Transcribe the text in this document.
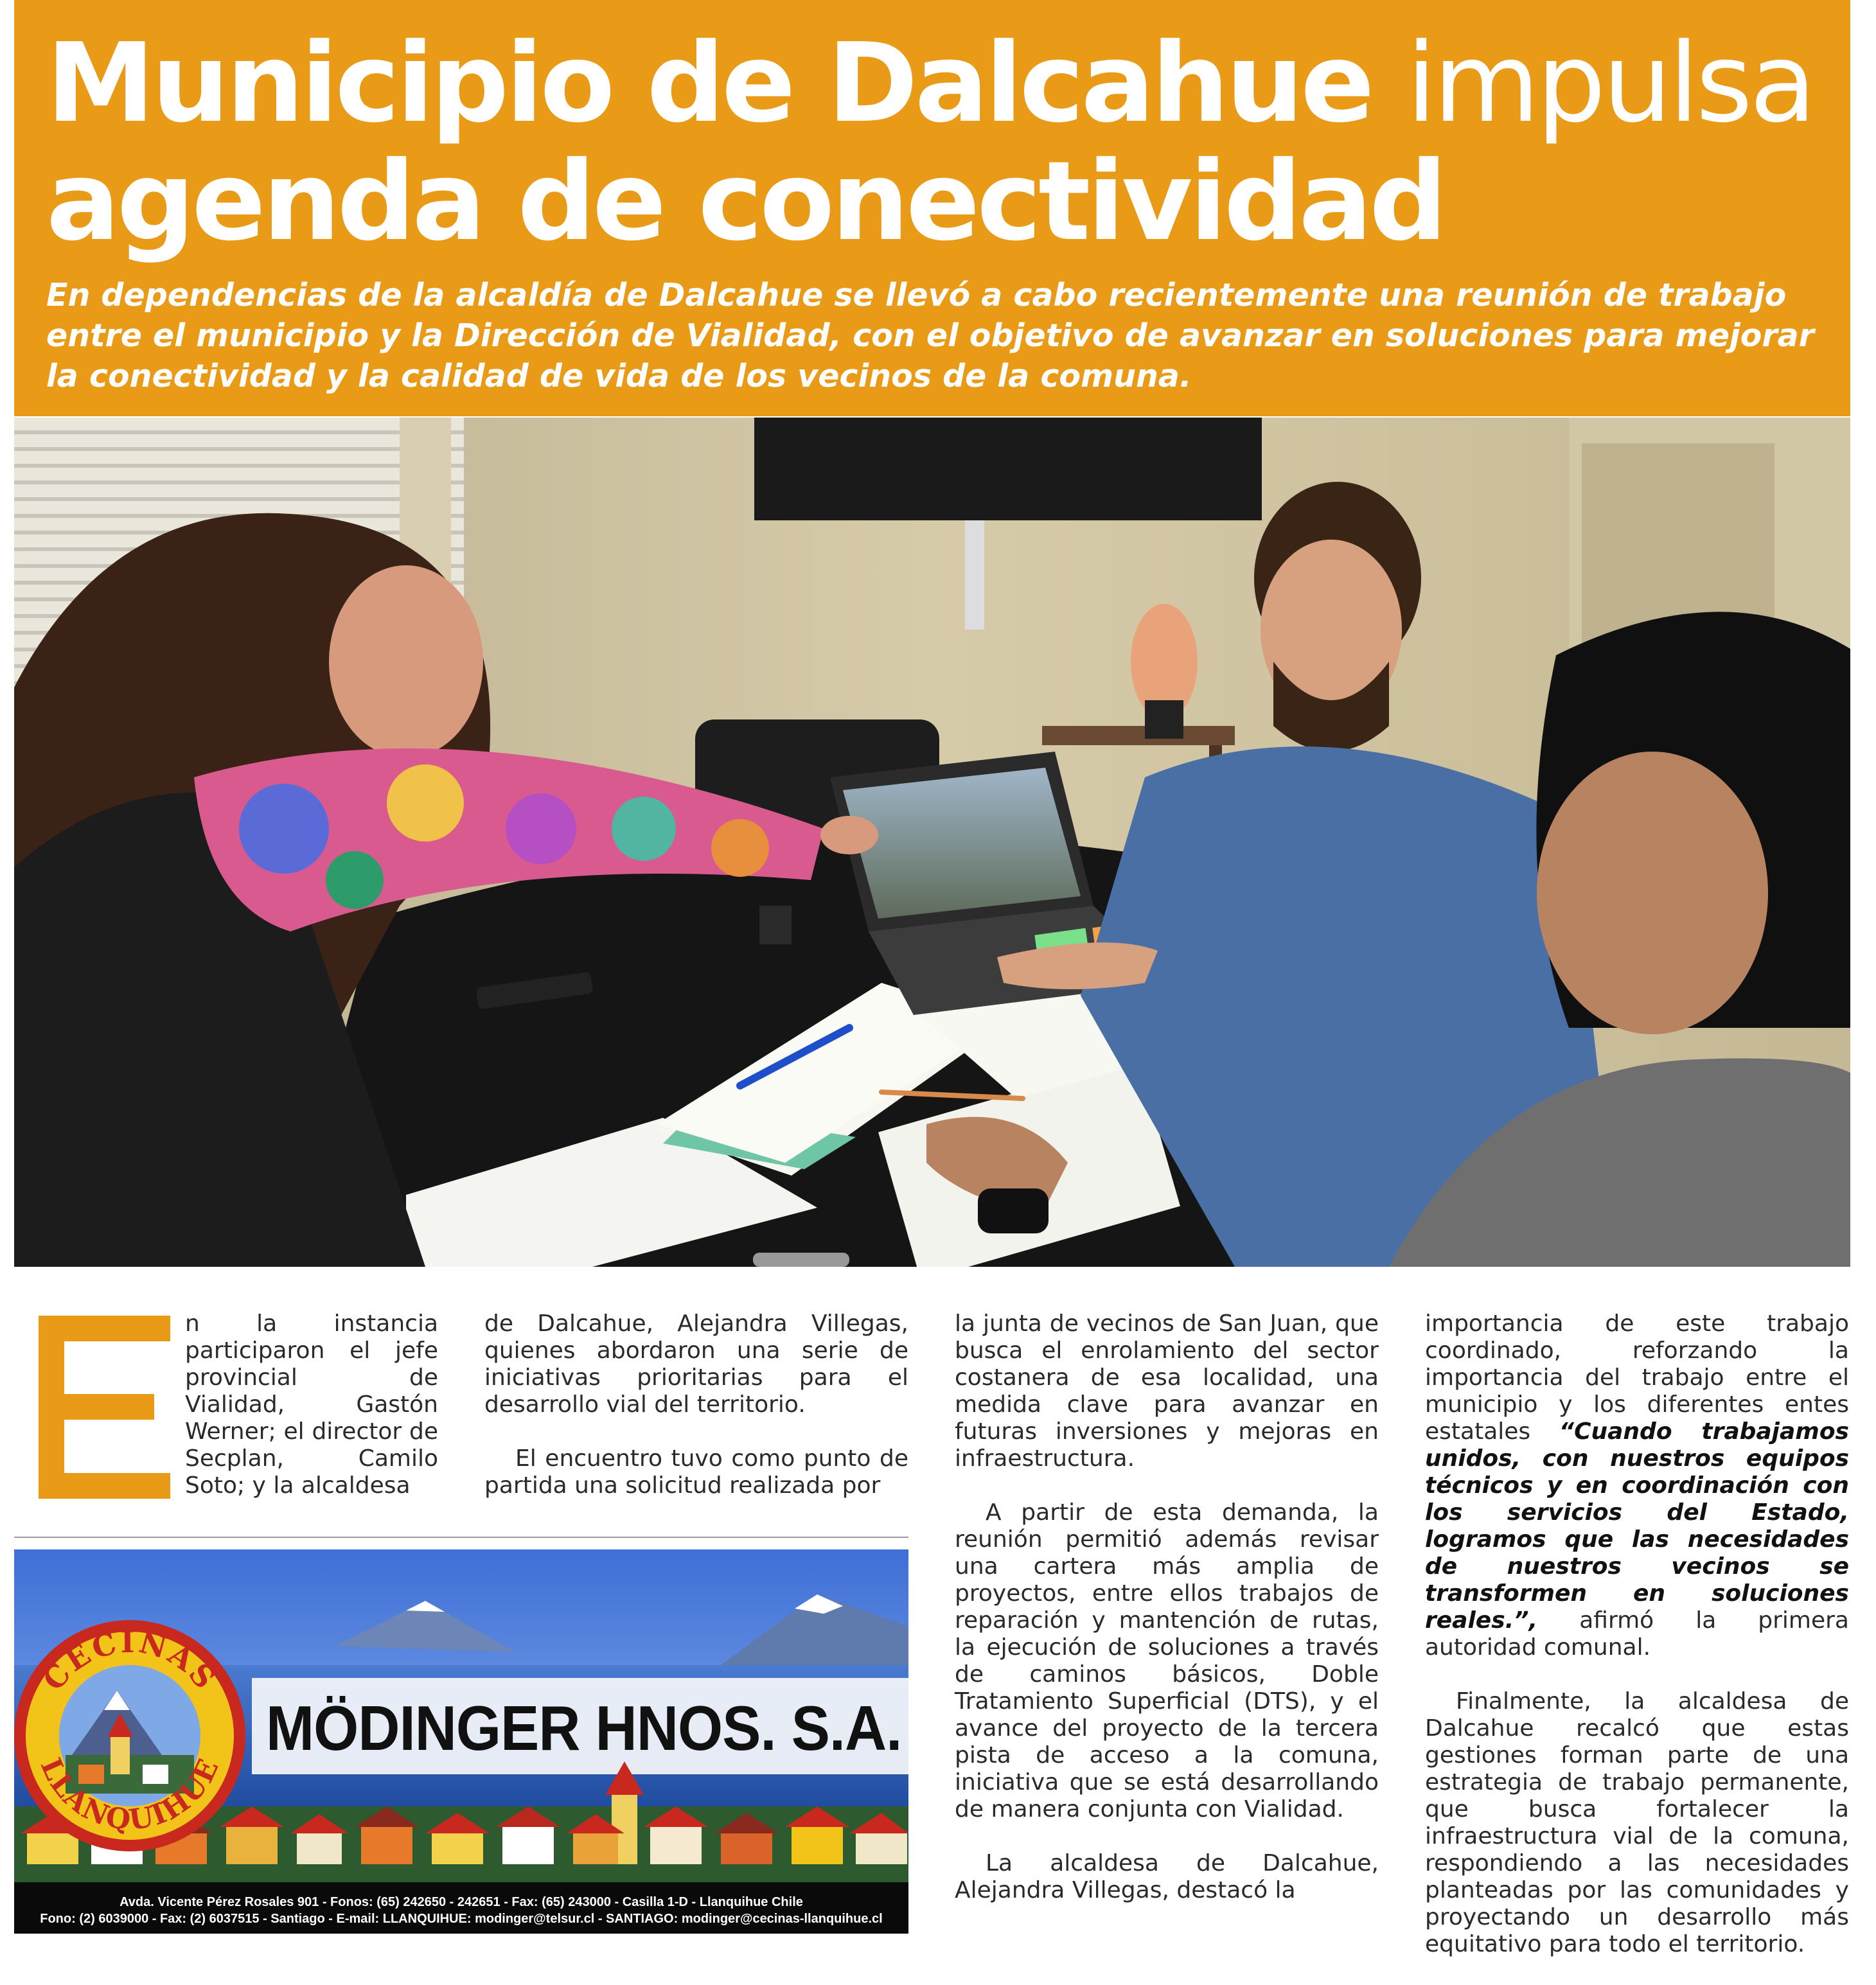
Municipio de Dalcahue impulsa
agenda de conectividad

En dependencias de la alcaldía de Dalcahue se llevó a cabo recientemente una reunión de trabajo entre el municipio y la Dirección de Vialidad, con el objetivo de avanzar en soluciones para mejorar la conectividad y la calidad de vida de los vecinos de la comuna.

n la instancia participaron el jefe provincial de Vialidad, Gastón Werner; el director de Secplan, Camilo Soto; y la alcaldesa

de Dalcahue, Alejandra Villegas, quienes abordaron una serie de iniciativas prioritarias para el desarrollo vial del territorio.

El encuentro tuvo como punto de partida una solicitud realizada por

la junta de vecinos de San Juan, que busca el enrolamiento del sector costanera de esa localidad, una medida clave para avanzar en futuras inversiones y mejoras en infraestructura.

A partir de esta demanda, la reunión permitió además revisar una cartera más amplia de proyectos, entre ellos trabajos de reparación y mantención de rutas, la ejecución de soluciones a través de caminos básicos, Doble Tratamiento Superficial (DTS), y el avance del proyecto de la tercera pista de acceso a la comuna, iniciativa que se está desarrollando de manera conjunta con Vialidad.

La alcaldesa de Dalcahue, Alejandra Villegas, destacó la

importancia de este trabajo coordinado, reforzando la importancia del trabajo entre el municipio y los diferentes entes estatales “Cuando trabajamos unidos, con nuestros equipos técnicos y en coordinación con los servicios del Estado, logramos que las necesidades de nuestros vecinos se transformen en soluciones reales.”, afirmó la primera autoridad comunal.

Finalmente, la alcaldesa de Dalcahue recalcó que estas gestiones forman parte de una estrategia de trabajo permanente, que busca fortalecer la infraestructura vial de la comuna, respondiendo a las necesidades planteadas por las comunidades y proyectando un desarrollo más equitativo para todo el territorio.

CECINAS
LLANQUIHUE
MÖDINGER HNOS. S.A.
Avda. Vicente Pérez Rosales 901 - Fonos: (65) 242650 - 242651 - Fax: (65) 243000 - Casilla 1-D - Llanquihue Chile
Fono: (2) 6039000 - Fax: (2) 6037515 - Santiago - E-mail: LLANQUIHUE: modinger@telsur.cl - SANTIAGO: modinger@cecinas-llanquihue.cl
